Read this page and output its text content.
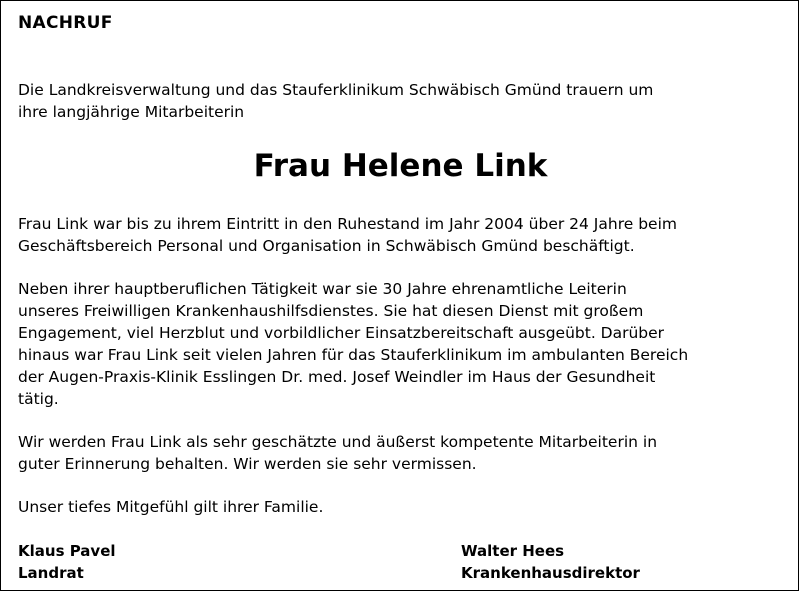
NACHRUF
Die Landkreisverwaltung und das Stauferklinikum Schwäbisch Gmünd trauern um
ihre langjährige Mitarbeiterin
Frau Helene Link
Frau Link war bis zu ihrem Eintritt in den Ruhestand im Jahr 2004 über 24 Jahre beim
Geschäftsbereich Personal und Organisation in Schwäbisch Gmünd beschäftigt.
Neben ihrer hauptberuflichen Tätigkeit war sie 30 Jahre ehrenamtliche Leiterin
unseres Freiwilligen Krankenhaushilfsdienstes. Sie hat diesen Dienst mit großem
Engagement, viel Herzblut und vorbildlicher Einsatzbereitschaft ausgeübt. Darüber
hinaus war Frau Link seit vielen Jahren für das Stauferklinikum im ambulanten Bereich
der Augen-Praxis-Klinik Esslingen Dr. med. Josef Weindler im Haus der Gesundheit
tätig.
Wir werden Frau Link als sehr geschätzte und äußerst kompetente Mitarbeiterin in
guter Erinnerung behalten. Wir werden sie sehr vermissen.
Unser tiefes Mitgefühl gilt ihrer Familie.
Klaus Pavel
Landrat
Walter Hees
Krankenhausdirektor
